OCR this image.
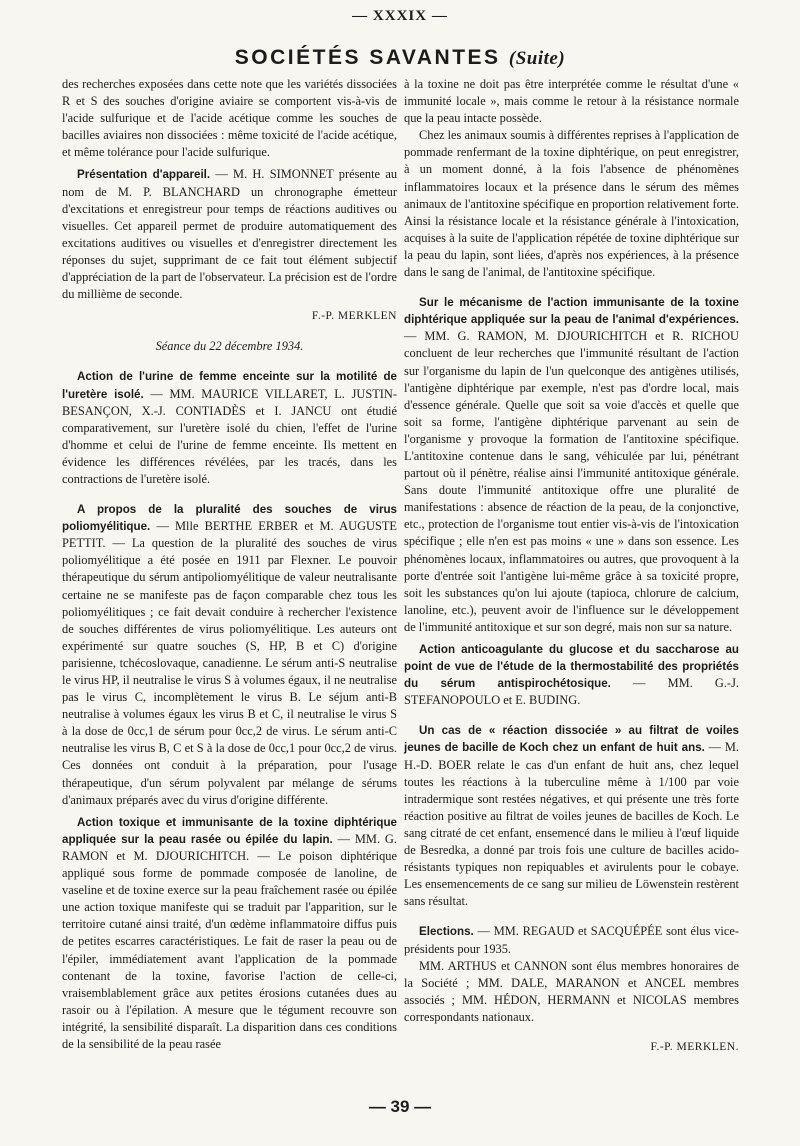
— XXXIX —
SOCIÉTÉS SAVANTES (Suite)

des recherches exposées dans cette note que les variétés dissociées R et S des souches d'origine aviaire se comportent vis-à-vis de l'acide sulfurique et de l'acide acétique comme les souches de bacilles aviaires non dissociées : même toxicité de l'acide acétique, et même tolérance pour l'acide sulfurique.

Présentation d'appareil. — M. H. SIMONNET présente au nom de M. P. BLANCHARD un chronographe émetteur d'excitations et enregistreur pour temps de réactions auditives ou visuelles. Cet appareil permet de produire automatiquement des excitations auditives ou visuelles et d'enregistrer directement les réponses du sujet, supprimant de ce fait tout élément subjectif d'appréciation de la part de l'observateur. La précision est de l'ordre du millième de seconde.

F.-P. MERKLEN

Séance du 22 décembre 1934.

Action de l'urine de femme enceinte sur la motilité de l'uretère isolé. — MM. MAURICE VILLARET, L. JUSTIN-BESANÇON, X.-J. CONTIADÈS et I. JANCU ont étudié comparativement, sur l'uretère isolé du chien, l'effet de l'urine d'homme et celui de l'urine de femme enceinte. Ils mettent en évidence les différences révélées, par les tracés, dans les contractions de l'uretère isolé.

A propos de la pluralité des souches de virus poliomyélitique. — Mlle BERTHE ERBER et M. AUGUSTE PETTIT. — La question de la pluralité des souches de virus poliomyélitique a été posée en 1911 par Flexner. Le pouvoir thérapeutique du sérum antipoliomyélitique de valeur neutralisante certaine ne se manifeste pas de façon comparable chez tous les poliomyélitiques ; ce fait devait conduire à rechercher l'existence de souches différentes de virus poliomyélitique. Les auteurs ont expérimenté sur quatre souches (S, HP, B et C) d'origine parisienne, tchécoslovaque, canadienne. Le sérum anti-S neutralise le virus HP, il neutralise le virus S à volumes égaux, il ne neutralise pas le virus C, incomplètement le virus B. Le séjum anti-B neutralise à volumes égaux les virus B et C, il neutralise le virus S à la dose de 0cc,1 de sérum pour 0cc,2 de virus. Le sérum anti-C neutralise les virus B, C et S à la dose de 0cc,1 pour 0cc,2 de virus. Ces données ont conduit à la préparation, pour l'usage thérapeutique, d'un sérum polyvalent par mélange de sérums d'animaux préparés avec du virus d'origine différente.

Action toxique et immunisante de la toxine diphtérique appliquée sur la peau rasée ou épilée du lapin. — MM. G. RAMON et M. DJOURICHITCH. — Le poison diphtérique appliqué sous forme de pommade composée de lanoline, de vaseline et de toxine exerce sur la peau fraîchement rasée ou épilée une action toxique manifeste qui se traduit par l'apparition, sur le territoire cutané ainsi traité, d'un œdème inflammatoire diffus puis de petites escarres caractéristiques. Le fait de raser la peau ou de l'épiler, immédiatement avant l'application de la pommade contenant de la toxine, favorise l'action de celle-ci, vraisemblablement grâce aux petites érosions cutanées dues au rasoir ou à l'épilation. A mesure que le tégument recouvre son intégrité, la sensibilité disparaît. La disparition dans ces conditions de la sensibilité de la peau rasée

à la toxine ne doit pas être interprétée comme le résultat d'une « immunité locale », mais comme le retour à la résistance normale que la peau intacte possède.

Chez les animaux soumis à différentes reprises à l'application de pommade renfermant de la toxine diphtérique, on peut enregistrer, à un moment donné, à la fois l'absence de phénomènes inflammatoires locaux et la présence dans le sérum des mêmes animaux de l'antitoxine spécifique en proportion relativement forte. Ainsi la résistance locale et la résistance générale à l'intoxication, acquises à la suite de l'application répétée de toxine diphtérique sur la peau du lapin, sont liées, d'après nos expériences, à la présence dans le sang de l'animal, de l'antitoxine spécifique.

Sur le mécanisme de l'action immunisante de la toxine diphtérique appliquée sur la peau de l'animal d'expériences. — MM. G. RAMON, M. DJOURICHITCH et R. RICHOU concluent de leur recherches que l'immunité résultant de l'action sur l'organisme du lapin de l'un quelconque des antigènes utilisés, l'antigène diphtérique par exemple, n'est pas d'ordre local, mais d'essence générale. Quelle que soit sa voie d'accès et quelle que soit sa forme, l'antigène diphtérique parvenant au sein de l'organisme y provoque la formation de l'antitoxine spécifique. L'antitoxine contenue dans le sang, véhiculée par lui, pénétrant partout où il pénètre, réalise ainsi l'immunité antitoxique générale. Sans doute l'immunité antitoxique offre une pluralité de manifestations : absence de réaction de la peau, de la conjonctive, etc., protection de l'organisme tout entier vis-à-vis de l'intoxication spécifique ; elle n'en est pas moins « une » dans son essence. Les phénomènes locaux, inflammatoires ou autres, que provoquent à la porte d'entrée soit l'antigène lui-même grâce à sa toxicité propre, soit les substances qu'on lui ajoute (tapioca, chlorure de calcium, lanoline, etc.), peuvent avoir de l'influence sur le développement de l'immunité antitoxique et sur son degré, mais non sur sa nature.

Action anticoagulante du glucose et du saccharose au point de vue de l'étude de la thermostabilité des propriétés du sérum antispirochétosique. — MM. G.-J. STEFANOPOULO et E. BUDING.

Un cas de « réaction dissociée » au filtrat de voiles jeunes de bacille de Koch chez un enfant de huit ans. — M. H.-D. BOER relate le cas d'un enfant de huit ans, chez lequel toutes les réactions à la tuberculine même à 1/100 par voie intradermique sont restées négatives, et qui présente une très forte réaction positive au filtrat de voiles jeunes de bacilles de Koch. Le sang citraté de cet enfant, ensemencé dans le milieu à l'œuf liquide de Besredka, a donné par trois fois une culture de bacilles acido-résistants typiques non repiquables et avirulents pour le cobaye. Les ensemencements de ce sang sur milieu de Löwenstein restèrent sans résultat.

Elections. — MM. REGAUD et SACQUÉPÉE sont élus vice-présidents pour 1935.

MM. ARTHUS et CANNON sont élus membres honoraires de la Société ; MM. DALE, MARANON et ANCEL membres associés ; MM. HÉDON, HERMANN et NICOLAS membres correspondants nationaux.

F.-P. MERKLEN.

— 39 —
